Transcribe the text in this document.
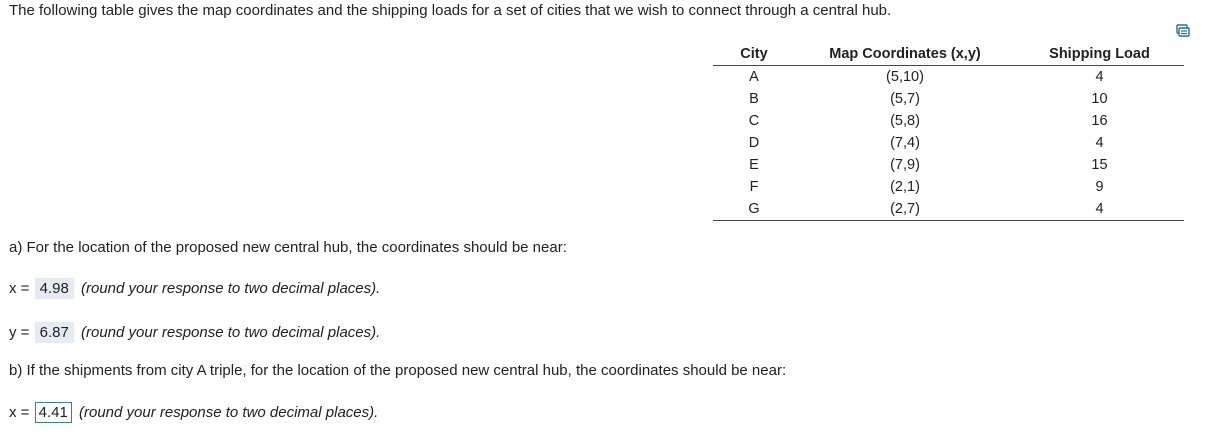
The following table gives the map coordinates and the shipping loads for a set of cities that we wish to connect through a central hub.
City	Map Coordinates (x,y)	Shipping Load
A	(5,10)	4
B	(5,7)	10
C	(5,8)	16
D	(7,4)	4
E	(7,9)	15
F	(2,1)	9
G	(2,7)	4
a) For the location of the proposed new central hub, the coordinates should be near:
x = 4.98 (round your response to two decimal places).
y = 6.87 (round your response to two decimal places).
b) If the shipments from city A triple, for the location of the proposed new central hub, the coordinates should be near:
x = 4.41 (round your response to two decimal places).
